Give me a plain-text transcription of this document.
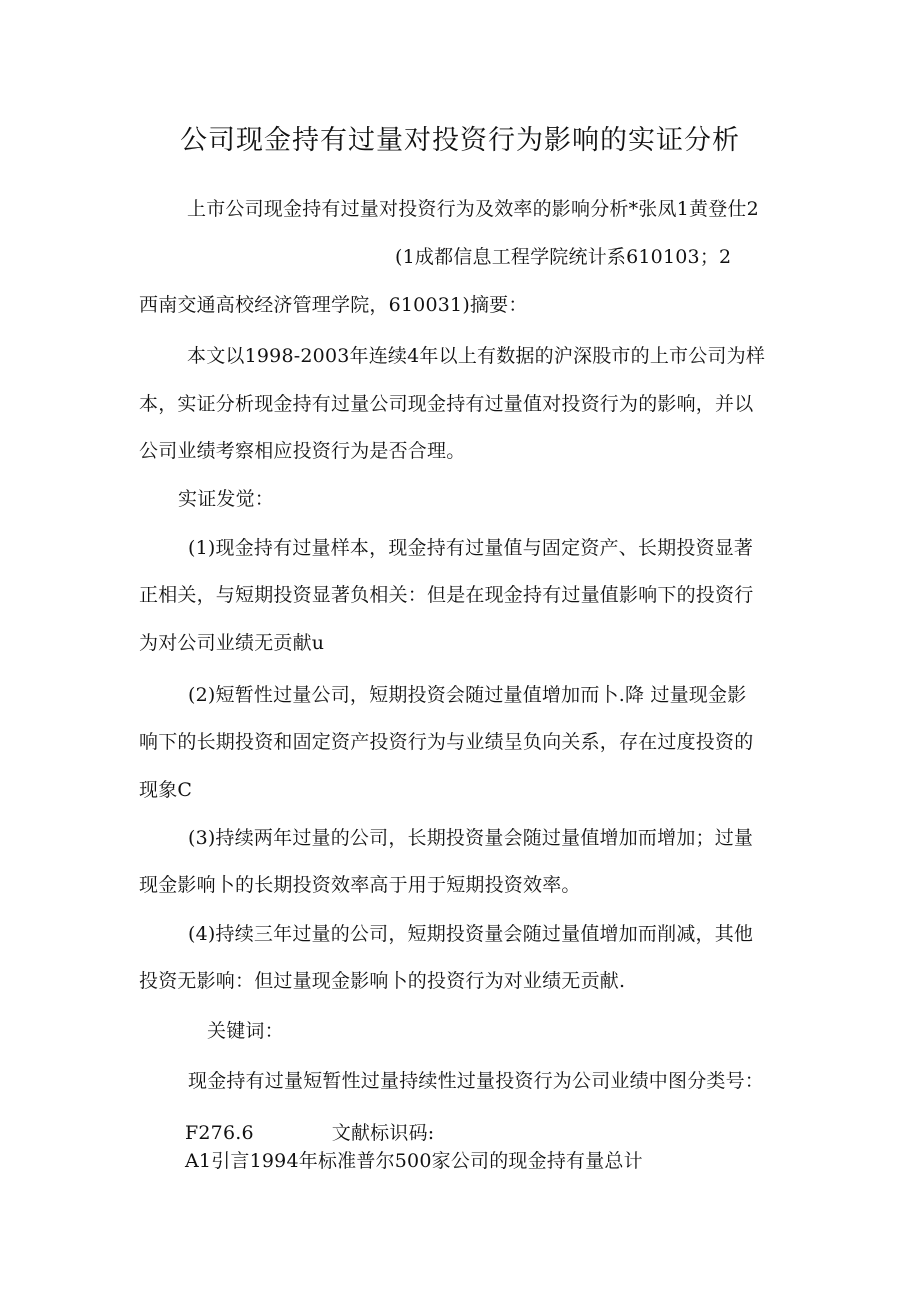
公司现金持有过量对投资行为影响的实证分析
上市公司现金持有过量对投资行为及效率的影响分析*张凤1黄登仕2
(1成都信息工程学院统计系610103；2
西南交通高校经济管理学院，610031)摘要：
本文以1998-2003年连续4年以上有数据的沪深股市的上市公司为样
本，实证分析现金持有过量公司现金持有过量值对投资行为的影响，并以
公司业绩考察相应投资行为是否合理。
实证发觉：
(1)现金持有过量样本，现金持有过量值与固定资产、长期投资显著
正相关，与短期投资显著负相关：但是在现金持有过量值影响下的投资行
为对公司业绩无贡献u
(2)短暂性过量公司，短期投资会随过量值增加而卜.降 过量现金影
响下的长期投资和固定资产投资行为与业绩呈负向关系，存在过度投资的
现象C
(3)持续两年过量的公司，长期投资量会随过量值增加而增加；过量
现金影响卜的长期投资效率高于用于短期投资效率。
(4)持续三年过量的公司，短期投资量会随过量值增加而削减，其他
投资无影响：但过量现金影响卜的投资行为对业绩无贡献.
关键词：
现金持有过量短暂性过量持续性过量投资行为公司业绩中图分类号：
F276.6	文献标识码:
A1引言1994年标准普尔500家公司的现金持有量总计
